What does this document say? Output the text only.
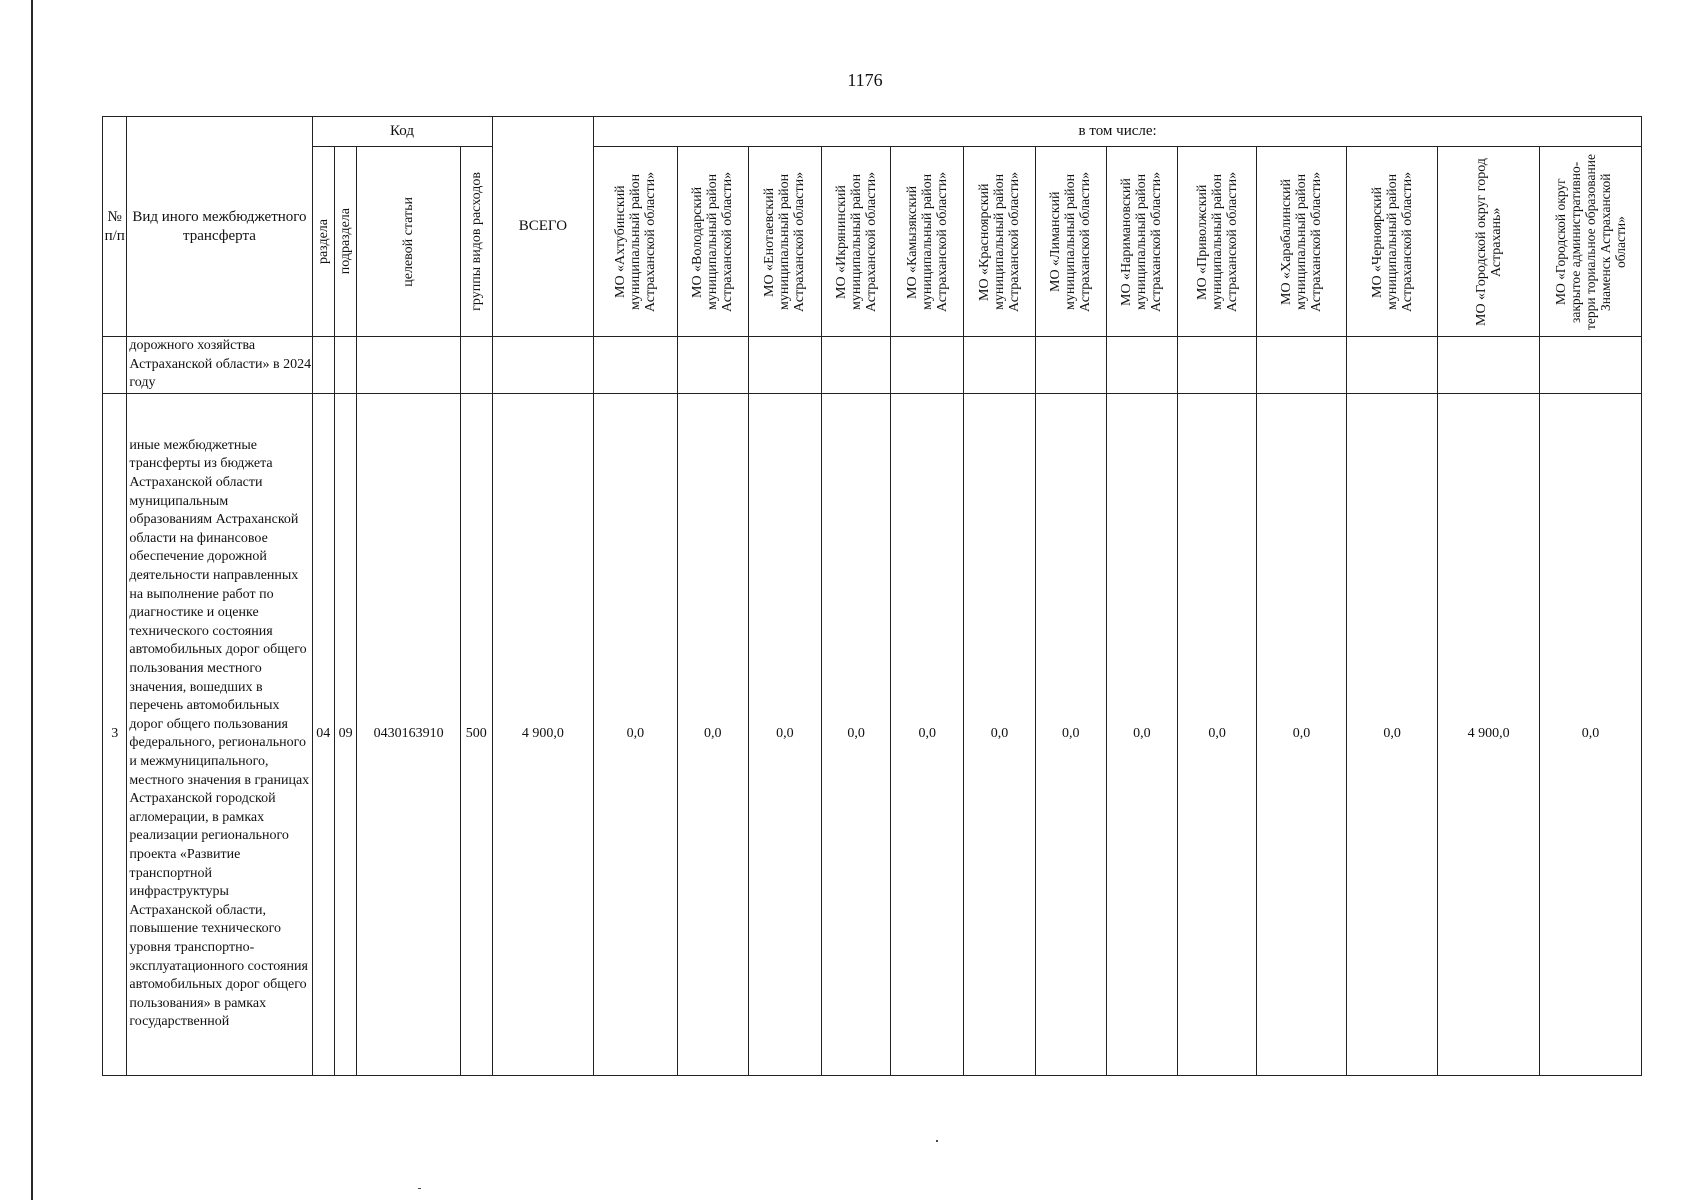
1176
№ п/п	Вид иного межбюджетного трансферта	Код				ВСЕГО	в том числе:												

		раздела	подраздела	целевой статьи	группы видов расходов		МО «Ахтубинский муниципальный район Астраханской области»	МО «Володарский муниципальный район Астраханской области»	МО «Енотаевский муниципальный район Астраханской области»	МО «Икрянинский муниципальный район Астраханской области»	МО «Камызякский муниципальный район Астраханской области»	МО «Красноярский муниципальный район Астраханской области»	МО «Лиманский муниципальный район Астраханской области»	МО «Наримановский муниципальный район Астраханской области»	МО «Приволжский муниципальный район Астраханской области»	МО «Харабалинский муниципальный район Астраханской области»	МО «Черноярский муниципальный район Астраханской области»	МО «Городской округ город Астрахань»	МО «Городской округ закрытое административно-терри ториальное образование Знаменск Астраханской области»

	дорожного хозяйства Астраханской области» в 2024 году																		

3	иные межбюджетные трансферты из бюджета Астраханской области муниципальным образованиям Астраханской области на финансовое обеспечение дорожной деятельности направленных на выполнение работ по диагностике и оценке технического состояния автомобильных дорог общего пользования местного значения, вошедших в перечень автомобильных дорог общего пользования федерального, регионального и межмуниципального, местного значения в границах Астраханской городской агломерации, в рамках реализации регионального проекта «Развитие транспортной инфраструктуры Астраханской области, повышение технического уровня транспортно-эксплуатационного состояния автомобильных дорог общего пользования» в рамках государственной	04	09	0430163910	500	4 900,0	0,0	0,0	0,0	0,0	0,0	0,0	0,0	0,0	0,0	0,0	0,0	4 900,0	0,0
